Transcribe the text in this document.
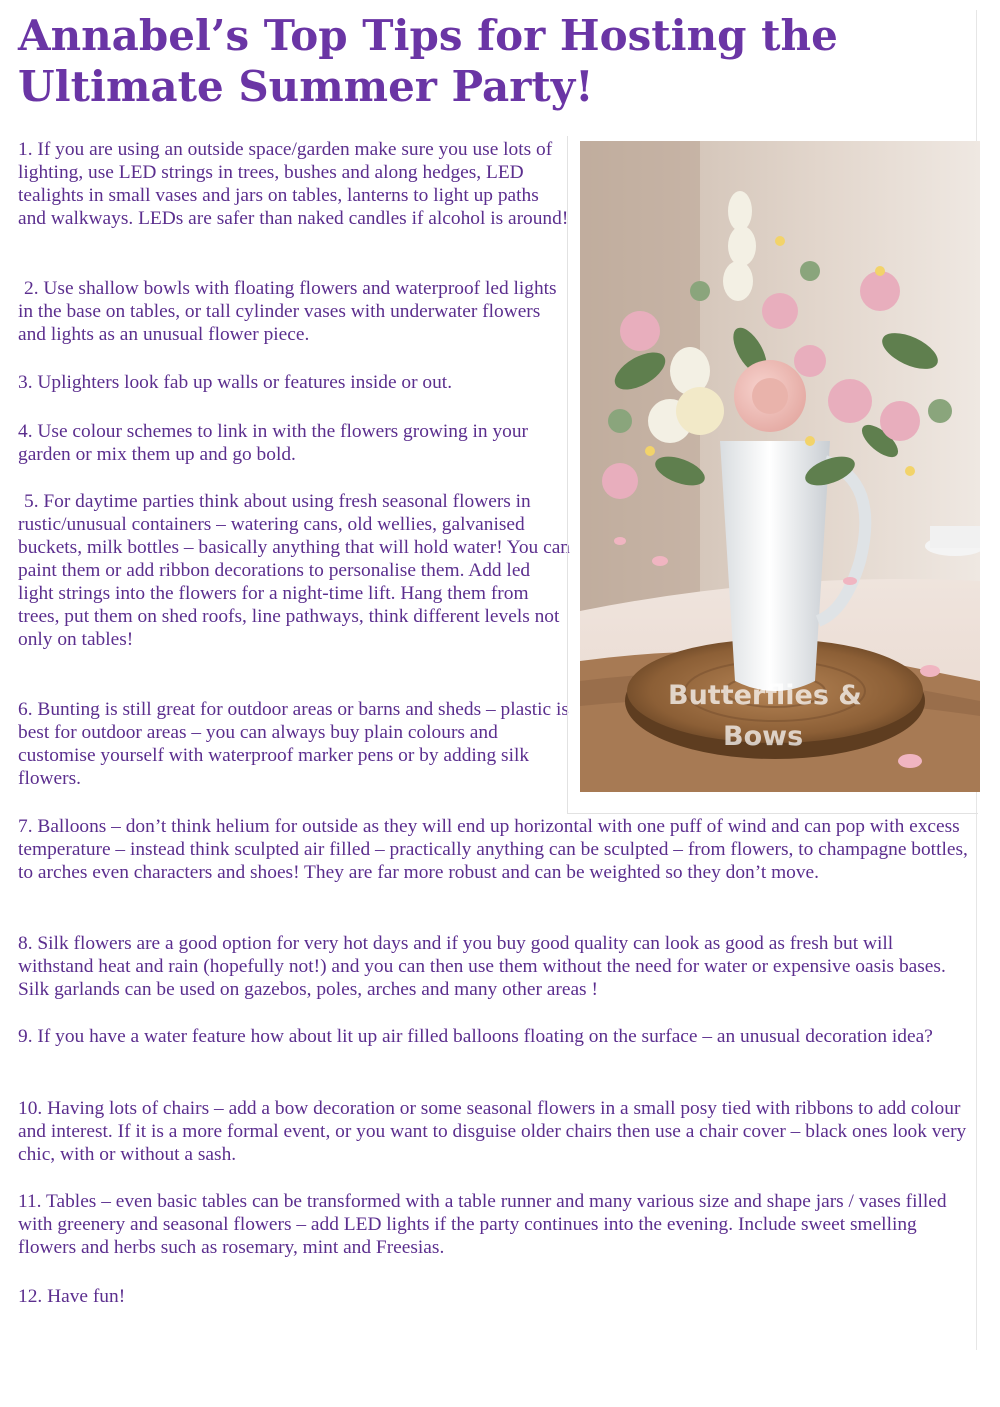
Annabel’s Top Tips for Hosting the Ultimate Summer Party!

1. If you are using an outside space/garden make sure you use lots of lighting, use LED strings in trees, bushes and along hedges, LED tealights in small vases and jars on tables, lanterns to light up paths and walkways. LEDs are safer than naked candles if alcohol is around!

2. Use shallow bowls with floating flowers and waterproof led lights in the base on tables, or tall cylinder vases with underwater flowers and lights as an unusual flower piece.

3. Uplighters look fab up walls or features inside or out.

4. Use colour schemes to link in with the flowers growing in your garden or mix them up and go bold.

5. For daytime parties think about using fresh seasonal flowers in rustic/unusual containers – watering cans, old wellies, galvanised buckets, milk bottles – basically anything that will hold water! You can paint them or add ribbon decorations to personalise them. Add led light strings into the flowers for a night-time lift. Hang them from trees, put them on shed roofs, line pathways, think different levels not only on tables!

6. Bunting is still great for outdoor areas or barns and sheds – plastic is best for outdoor areas – you can always buy plain colours and customise yourself with waterproof marker pens or by adding silk flowers.

7. Balloons – don’t think helium for outside as they will end up horizontal with one puff of wind and can pop with excess temperature – instead think sculpted air filled – practically anything can be sculpted – from flowers, to champagne bottles, to arches even characters and shoes! They are far more robust and can be weighted so they don’t move.

8. Silk flowers are a good option for very hot days and if you buy good quality can look as good as fresh but will withstand heat and rain (hopefully not!) and you can then use them without the need for water or expensive oasis bases. Silk garlands can be used on gazebos, poles, arches and many other areas !

9. If you have a water feature how about lit up air filled balloons floating on the surface – an unusual decoration idea?

10. Having lots of chairs – add a bow decoration or some seasonal flowers in a small posy tied with ribbons to add colour and interest. If it is a more formal event, or you want to disguise older chairs then use a chair cover – black ones look very chic, with or without a sash.

11. Tables – even basic tables can be transformed with a table runner and many various size and shape jars / vases filled with greenery and seasonal flowers – add LED lights if the party continues into the evening. Include sweet smelling flowers and herbs such as rosemary, mint and Freesias.

12. Have fun!

Butterflies &
Bows
